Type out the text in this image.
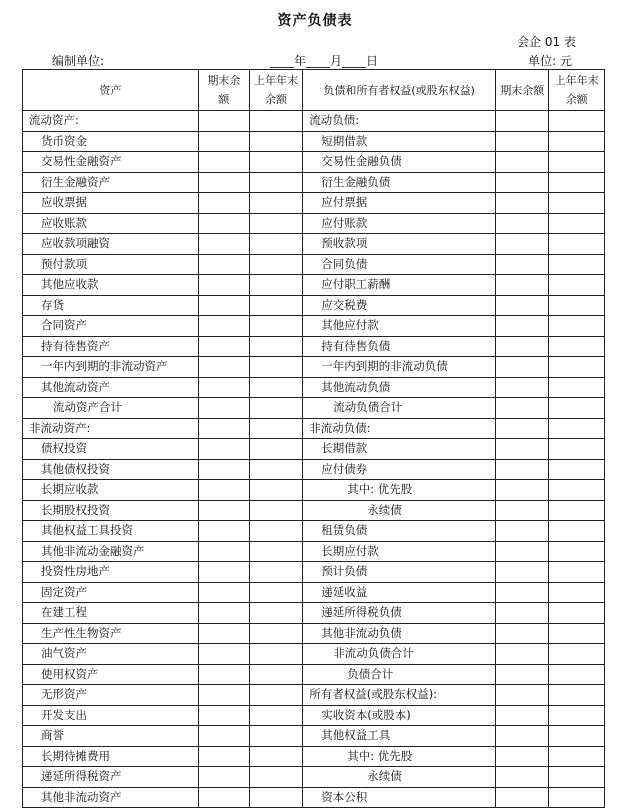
资产负债表
会企 01 表
编制单位:	____年____月____日	单位: 元
资产	期末余额	上年年末余额	负债和所有者权益(或股东权益)	期末余额	上年年末余额
流动资产:			流动负债:		
货币资金			短期借款		
交易性金融资产			交易性金融负债		
衍生金融资产			衍生金融负债		
应收票据			应付票据		
应收账款			应付账款		
应收款项融资			预收款项		
预付款项			合同负债		
其他应收款			应付职工薪酬		
存货			应交税费		
合同资产			其他应付款		
持有待售资产			持有待售负债		
一年内到期的非流动资产			一年内到期的非流动负债		
其他流动资产			其他流动负债		
流动资产合计			流动负债合计		
非流动资产:			非流动负债:		
债权投资			长期借款		
其他债权投资			应付债券		
长期应收款			其中: 优先股		
长期股权投资			永续债		
其他权益工具投资			租赁负债		
其他非流动金融资产			长期应付款		
投资性房地产			预计负债		
固定资产			递延收益		
在建工程			递延所得税负债		
生产性生物资产			其他非流动负债		
油气资产			非流动负债合计		
使用权资产			负债合计		
无形资产			所有者权益(或股东权益):		
开发支出			实收资本(或股本)		
商誉			其他权益工具		
长期待摊费用			其中: 优先股		
递延所得税资产			永续债		
其他非流动资产			资本公积		
